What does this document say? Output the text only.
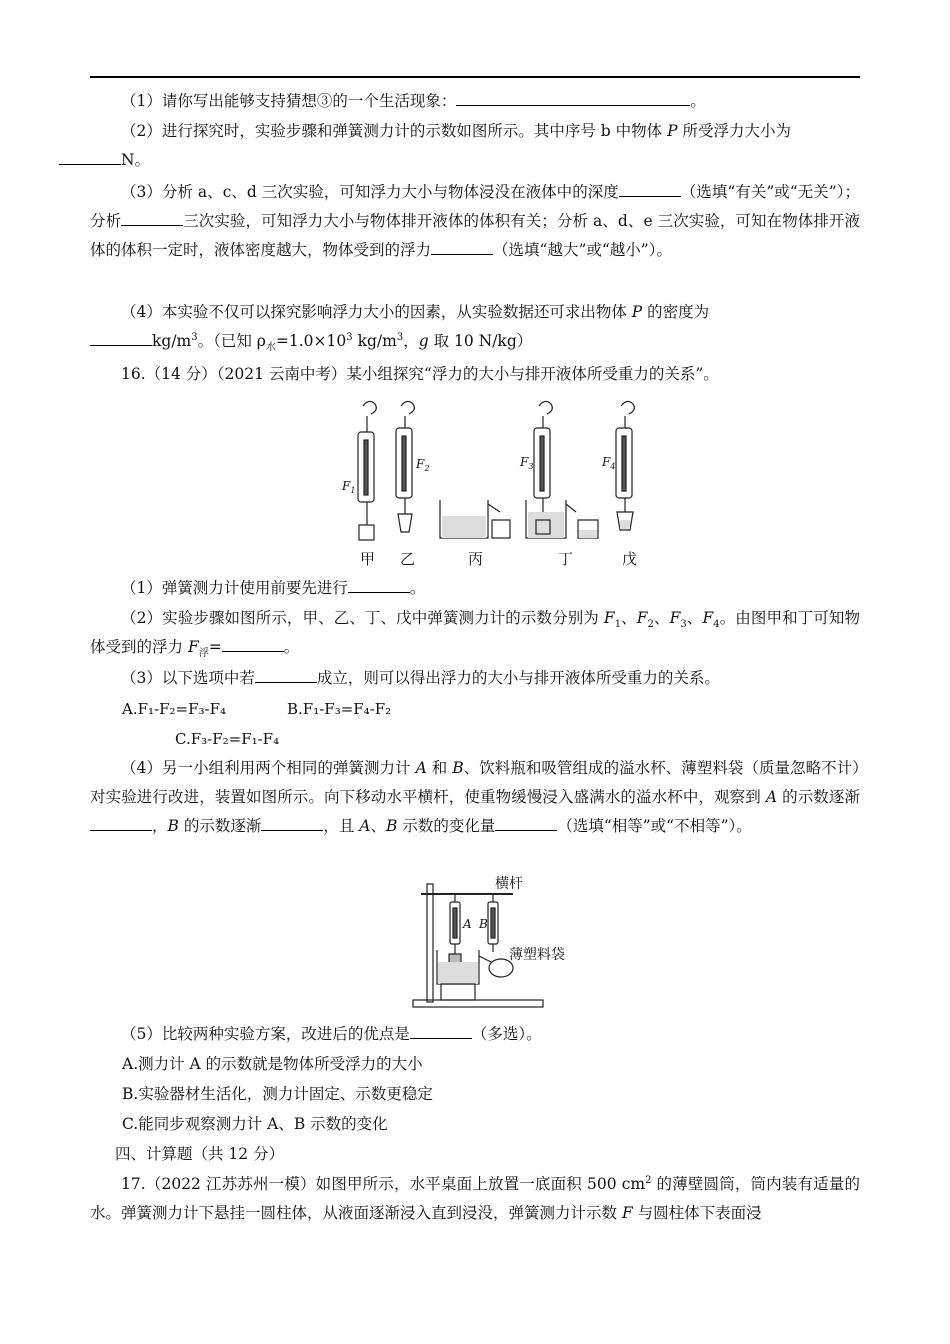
（1）请你写出能够支持猜想③的一个生活现象：	。

（2）进行探究时，实验步骤和弹簧测力计的示数如图所示。其中序号 b 中物体 P 所受浮力大小为
N。

（3）分析 a、c、d 三次实验，可知浮力大小与物体浸没在液体中的深度	（选填“有关”或“无关”）；分析	三次实验，可知浮力大小与物体排开液体的体积有关；分析 a、d、e 三次实验，可知在物体排开液体的体积一定时，液体密度越大，物体受到的浮力	（选填“越大”或“越小”）。

（4）本实验不仅可以探究影响浮力大小的因素，从实验数据还可求出物体 P 的密度为
$kg/m^3$。（已知 $\rho_水=1.0\times 10^3$ $kg/m^3$，g 取 10 N/kg）

16.（14 分）（2021 云南中考）某小组探究“浮力的大小与排开液体所受重力的关系”。

$F_1$
$F_2$	$F_3$	$F_4$
甲 乙	丙	丁	戊

（1）弹簧测力计使用前要先进行	。

（2）实验步骤如图所示，甲、乙、丁、戊中弹簧测力计的示数分别为 $F_1$、$F_2$、$F_3$、$F_4$。由图甲和丁可知物体受到的浮力 $F_浮=$	。

（3）以下选项中若	成立，则可以得出浮力的大小与排开液体所受重力的关系。

A.F₁-F₂=F₃-F₄	B.F₁-F₃=F₄-F₂
C.F₃-F₂=F₁-F₄

（4）另一小组利用两个相同的弹簧测力计 A 和 B、饮料瓶和吸管组成的溢水杯、薄塑料袋（质量忽略不计）对实验进行改进，装置如图所示。向下移动水平横杆，使重物缓慢浸入盛满水的溢水杯中，观察到 A 的示数逐渐，B 的示数逐渐	，且 A、B 示数的变化量	（选填“相等”或“不相等”）。

A B
横杆
薄塑料袋

（5）比较两种实验方案，改进后的优点是	（多选）。

A.测力计 A 的示数就是物体所受浮力的大小

B.实验器材生活化，测力计固定、示数更稳定

C.能同步观察测力计 A、B 示数的变化

四、计算题（共 12 分）

17.（2022 江苏苏州一模）如图甲所示，水平桌面上放置一底面积 500 $cm^2$ 的薄壁圆筒，筒内装有适量的水。弹簧测力计下悬挂一圆柱体，从液面逐渐浸入直到浸没，弹簧测力计示数 F 与圆柱体下表面浸
